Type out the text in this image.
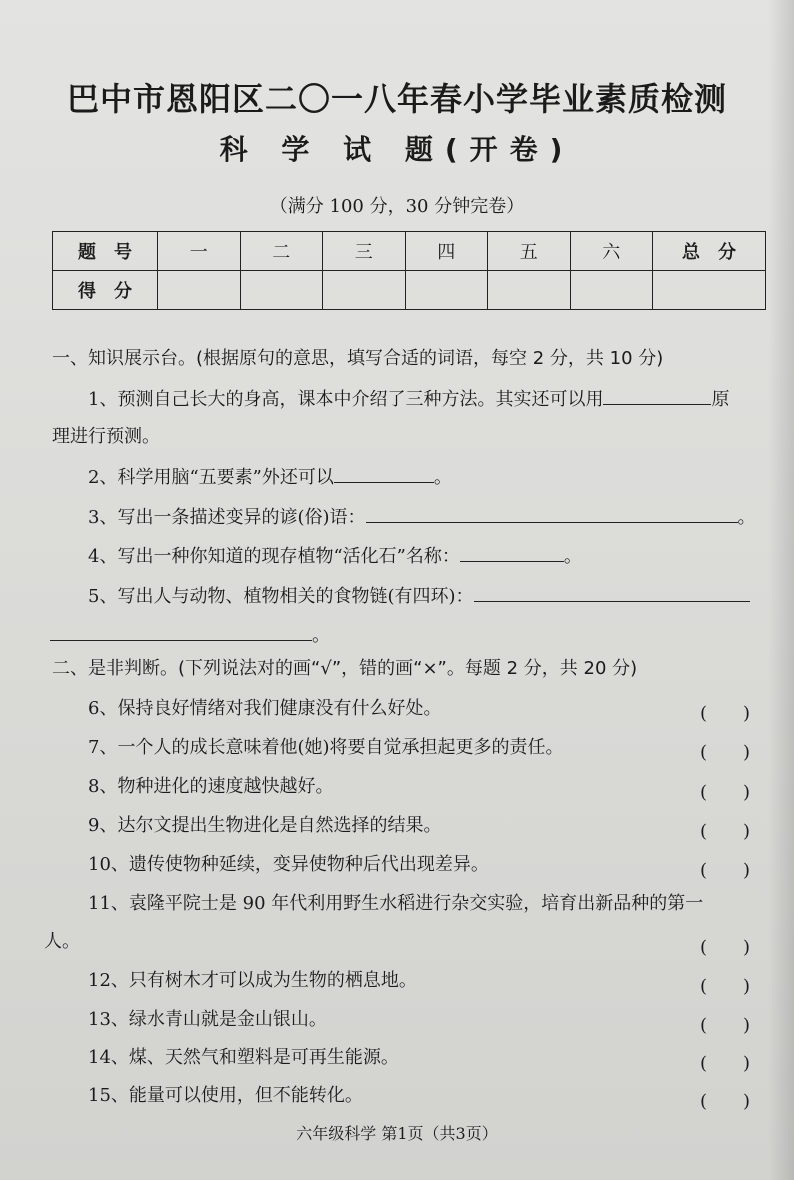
巴中市恩阳区二〇一八年春小学毕业素质检测
科 学 试 题(开卷)
（满分 100 分，30 分钟完卷）
题　号	一	二	三	四	五	六	总　分
得　分							
一、知识展示台。(根据原句的意思，填写合适的词语，每空 2 分，共 10 分)
1、预测自己长大的身高，课本中介绍了三种方法。其实还可以用	原
理进行预测。
2、科学用脑“五要素”外还可以	。
3、写出一条描述变异的谚(俗)语：	。
4、写出一种你知道的现存植物“活化石”名称：	。
5、写出人与动物、植物相关的食物链(有四环)：
。
二、是非判断。(下列说法对的画“√”，错的画“×”。每题 2 分，共 20 分)
6、保持良好情绪对我们健康没有什么好处。	(　　)
7、一个人的成长意味着他(她)将要自觉承担起更多的责任。	(　　)
8、物种进化的速度越快越好。	(　　)
9、达尔文提出生物进化是自然选择的结果。	(　　)
10、遗传使物种延续，变异使物种后代出现差异。	(　　)
11、袁隆平院士是 90 年代利用野生水稻进行杂交实验，培育出新品种的第一
人。	(　　)
12、只有树木才可以成为生物的栖息地。	(　　)
13、绿水青山就是金山银山。	(　　)
14、煤、天然气和塑料是可再生能源。	(　　)
15、能量可以使用，但不能转化。	(　　)
六年级科学 第1页（共3页）
